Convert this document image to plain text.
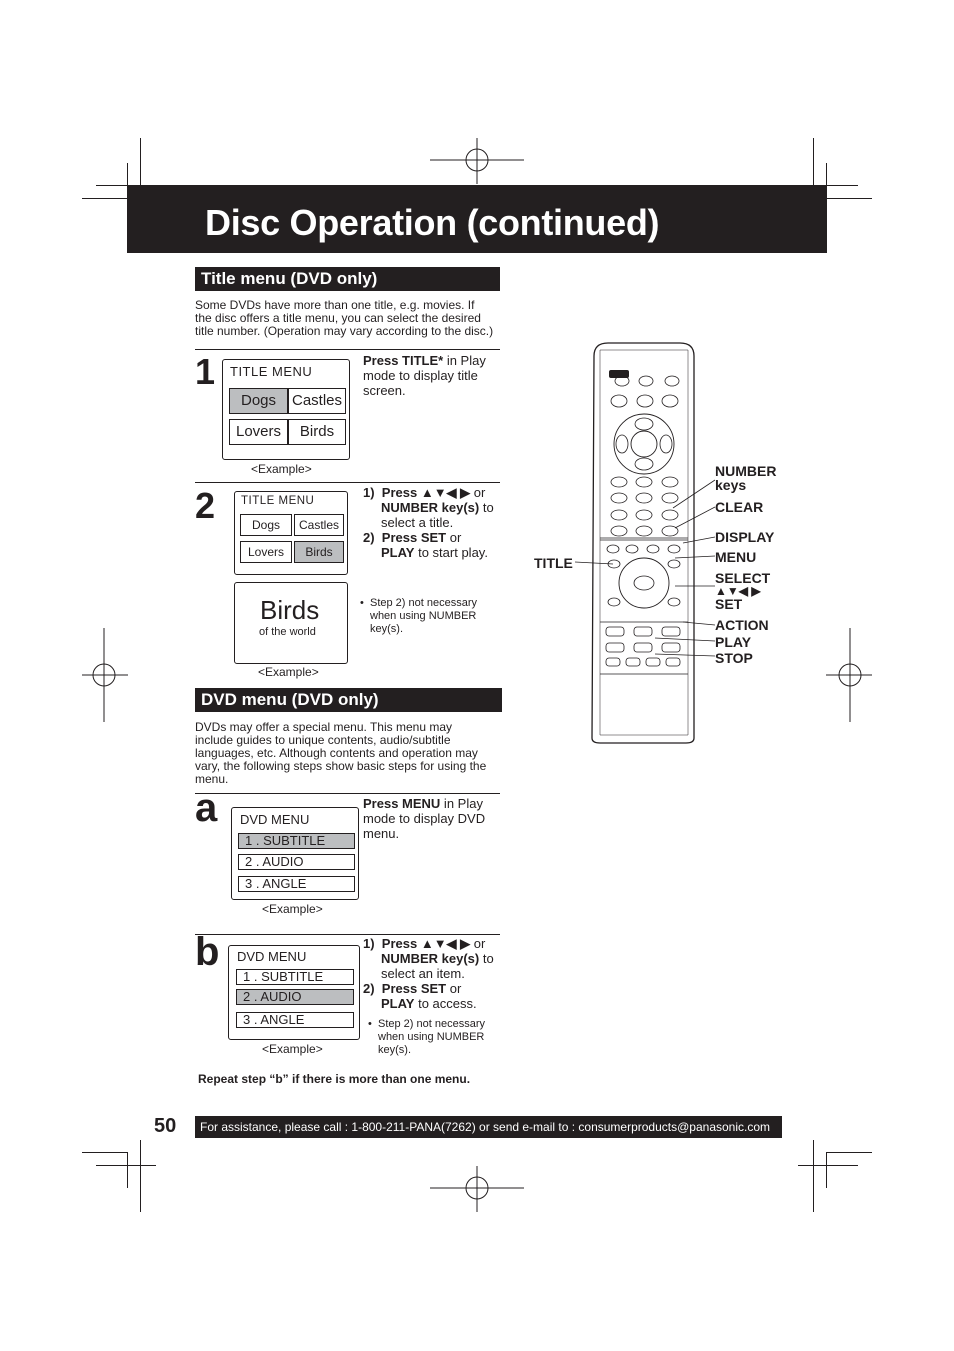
Disc Operation (continued)
Title menu (DVD only)
Some DVDs have more than one title, e.g. movies. If
the disc offers a title menu, you can select the desired
title number. (Operation may vary according to the disc.)
1 TITLE MENU
Dogs	Castles
Lovers	Birds
<Example>
Press TITLE* in Play
mode to display title
screen.
2 TITLE MENU
Dogs	Castles
Lovers	Birds
Birds
of the world
<Example>
1) Press ▲▼◀ ▶ or
NUMBER key(s) to
select a title.
2) Press SET or
PLAY to start play.
• Step 2) not necessary
when using NUMBER
key(s).
DVD menu (DVD only)
DVDs may offer a special menu. This menu may
include guides to unique contents, audio/subtitle
languages, etc. Although contents and operation may
vary, the following steps show basic steps for using the
menu.
a DVD MENU
1 . SUBTITLE
2 . AUDIO
3 . ANGLE
<Example>
Press MENU in Play
mode to display DVD
menu.
b DVD MENU
1 . SUBTITLE
2 . AUDIO
3 . ANGLE
<Example>
1) Press ▲▼◀ ▶ or
NUMBER key(s) to
select an item.
2) Press SET or
PLAY to access.
• Step 2) not necessary
when using NUMBER
key(s).
Repeat step “b” if there is more than one menu.
NUMBER
keys
CLEAR
DISPLAY
MENU
SELECT
▲▼◀ ▶
SET
ACTION
PLAY
STOP
TITLE
50 For assistance, please call : 1-800-211-PANA(7262) or send e-mail to : consumerproducts@panasonic.com
